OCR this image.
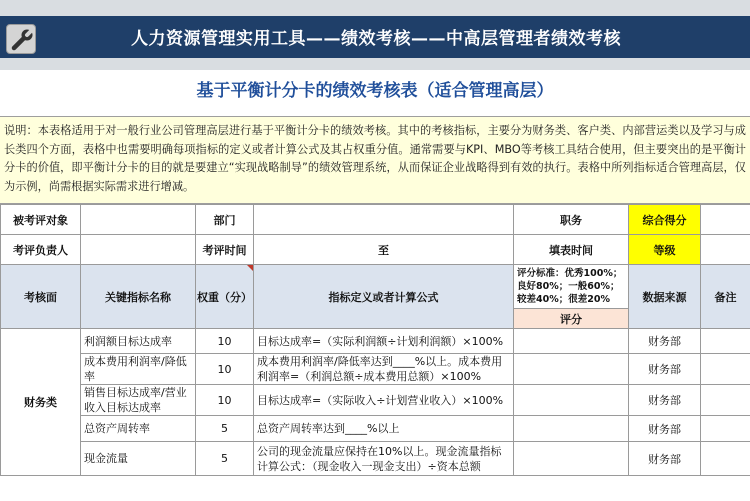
人力资源管理实用工具——绩效考核——中高层管理者绩效考核
基于平衡计分卡的绩效考核表（适合管理高层）
说明：本表格适用于对一般行业公司管理高层进行基于平衡计分卡的绩效考核。其中的考核指标，主要分为财务类、客户类、内部营运类以及学习与成长类四个方面，表格中也需要明确每项指标的定义或者计算公式及其占权重分值。通常需要与KPI、MBO等考核工具结合使用，但主要突出的是平衡计分卡的价值，即平衡计分卡的目的就是要建立“实现战略制导”的绩效管理系统，从而保证企业战略得到有效的执行。表格中所列指标适合管理高层，仅为示例，尚需根据实际需求进行增减。
被考评对象		部门		职务	综合得分	
考评负责人		考评时间	至	填表时间	等级	
考核面	关键指标名称	权重（分）	指标定义或者计算公式	评分标准：优秀100%；良好80%；一般60%；较差40%；很差20%	数据来源	备注
				评分		
财务类	利润额目标达成率	10	目标达成率=（实际利润额÷计划利润额）×100%		财务部	
	成本费用利润率/降低率	10	成本费用利润率/降低率达到____%以上。成本费用利润率=（利润总额÷成本费用总额）×100%		财务部	
	销售目标达成率/营业收入目标达成率	10	目标达成率=（实际收入÷计划营业收入）×100%		财务部	
	总资产周转率	5	总资产周转率达到____%以上		财务部	
	现金流量	5	公司的现金流量应保持在10%以上。现金流量指标计算公式：（现金收入一现金支出）÷资本总额		财务部	
